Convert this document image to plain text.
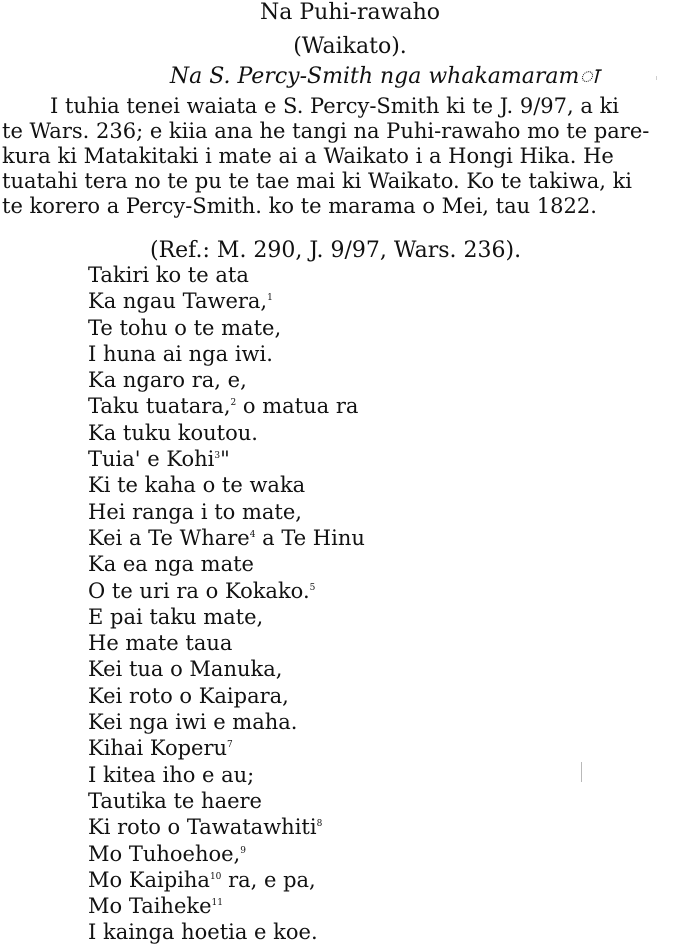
Na Puhi-rawaho
(Waikato).
Na S. Percy-Smith nga whakamaramा
I tuhia tenei waiata e S. Percy-Smith ki te J. 9/97, a ki
te Wars. 236; e kiia ana he tangi na Puhi-rawaho mo te pare-
kura ki Matakitaki i mate ai a Waikato i a Hongi Hika. He
tuatahi tera no te pu te tae mai ki Waikato. Ko te takiwa, ki
te korero a Percy-Smith. ko te marama o Mei, tau 1822.
(Ref.: M. 290, J. 9/97, Wars. 236).
Takiri ko te ata
Ka ngau Tawera,$^1$
Te tohu o te mate,
I huna ai nga iwi.
Ka ngaro ra, e,
Taku tuatara,$^2$ o matua ra
Ka tuku koutou.
Tuia' e Kohi$^3$"
Ki te kaha o te waka
Hei ranga i to mate,
Kei a Te Whare$^4$ a Te Hinu
Ka ea nga mate
O te uri ra o Kokako.$^5$
E pai taku mate,
He mate taua
Kei tua o Manuka,
Kei roto o Kaipara,
Kei nga iwi e maha.
Kihai Koperu$^7$
I kitea iho e au;
Tautika te haere
Ki roto o Tawatawhiti$^8$
Mo Tuhoehoe,$^9$
Mo Kaipiha$^{10}$ ra, e pa,
Mo Taiheke$^{11}$
I kainga hoetia e koe.
